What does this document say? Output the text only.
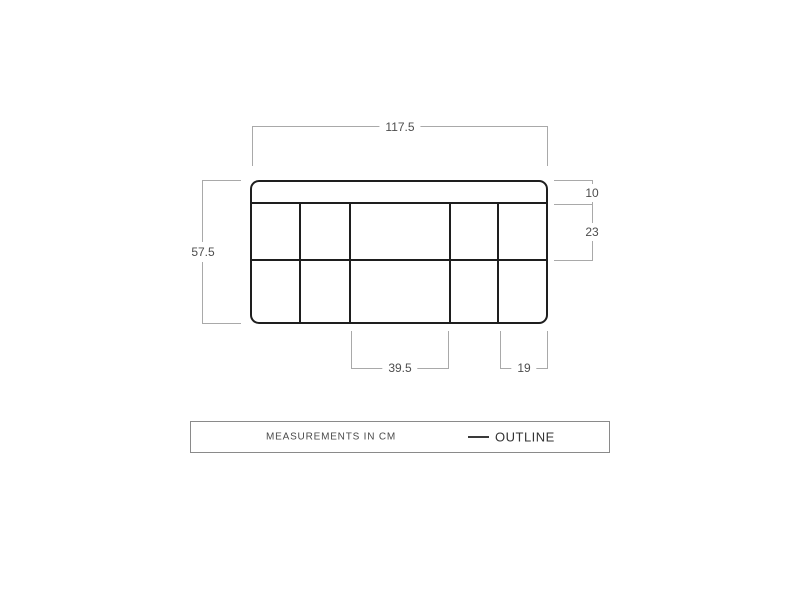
117.5
57.5
10
23
39.5	19
MEASUREMENTS IN CM	OUTLINE
